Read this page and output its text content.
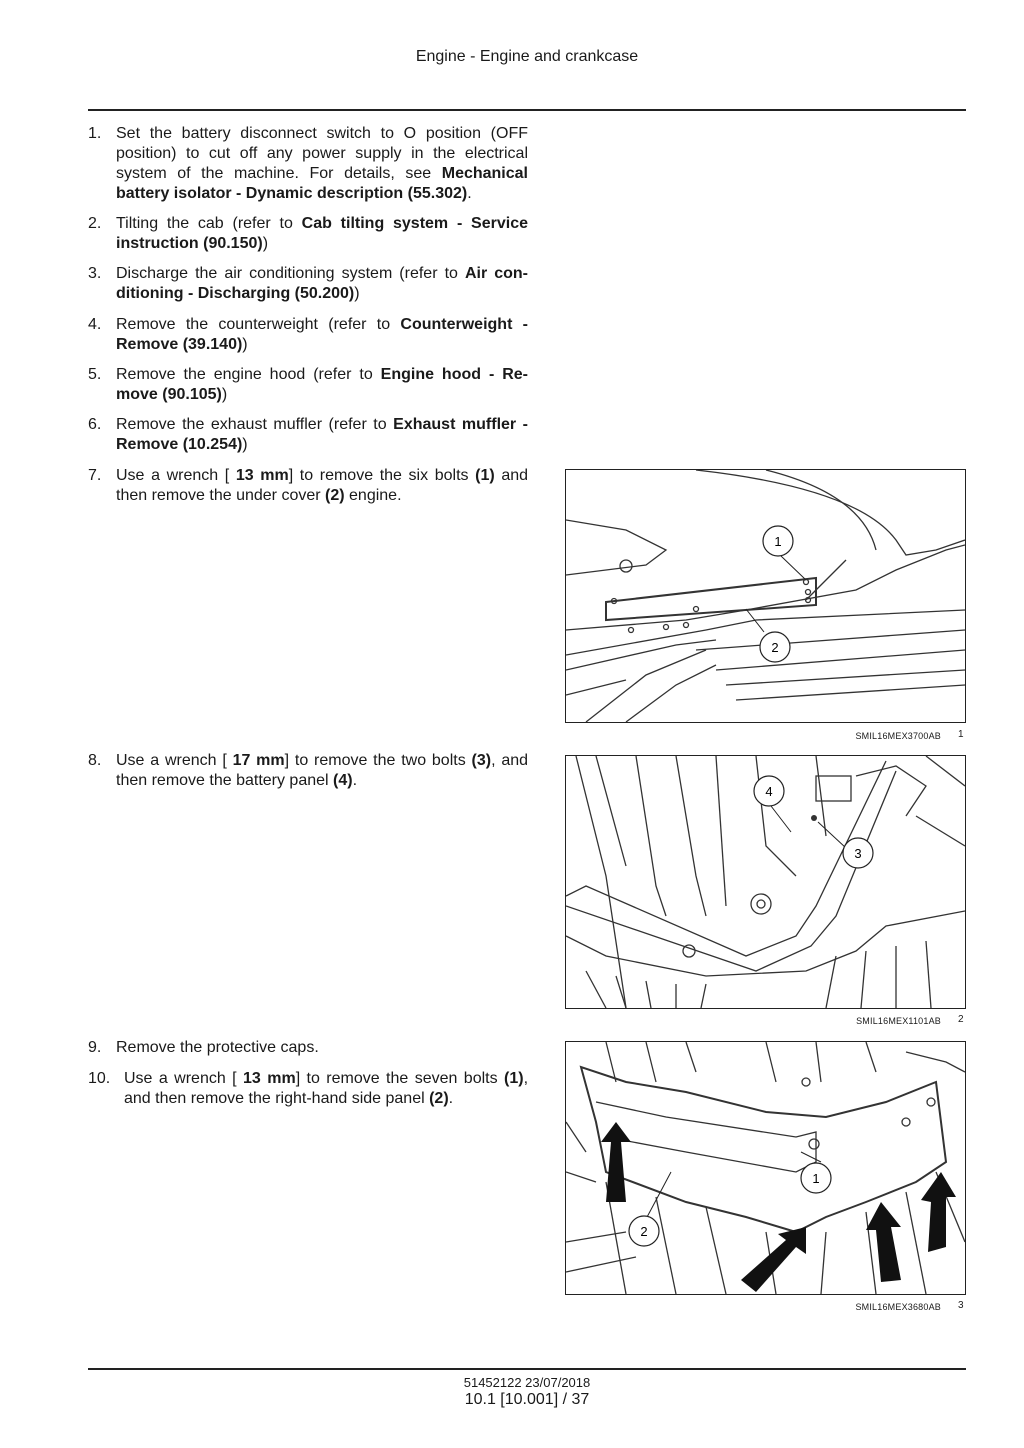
Engine - Engine and crankcase
1. Set the battery disconnect switch to O position (OFF position) to cut off any power supply in the electrical system of the machine. For details, see Mechanical battery isolator - Dynamic description (55.302).
2. Tilting the cab (refer to Cab tilting system - Service instruction (90.150))
3. Discharge the air conditioning system (refer to Air con-ditioning - Discharging (50.200))
4. Remove the counterweight (refer to Counterweight - Remove (39.140))
5. Remove the engine hood (refer to Engine hood - Re-move (90.105))
6. Remove the exhaust muffler (refer to Exhaust muffler - Remove (10.254))
7. Use a wrench [ 13 mm] to remove the six bolts (1) and then remove the under cover (2) engine.
8. Use a wrench [ 17 mm] to remove the two bolts (3), and then remove the battery panel (4).
9. Remove the protective caps.
10. Use a wrench [ 13 mm] to remove the seven bolts (1), and then remove the right-hand side panel (2).
1
2
SMIL16MEX3700AB 1
4
3
SMIL16MEX1101AB 2
1
2
SMIL16MEX3680AB 3
51452122 23/07/2018
10.1 [10.001] / 37
